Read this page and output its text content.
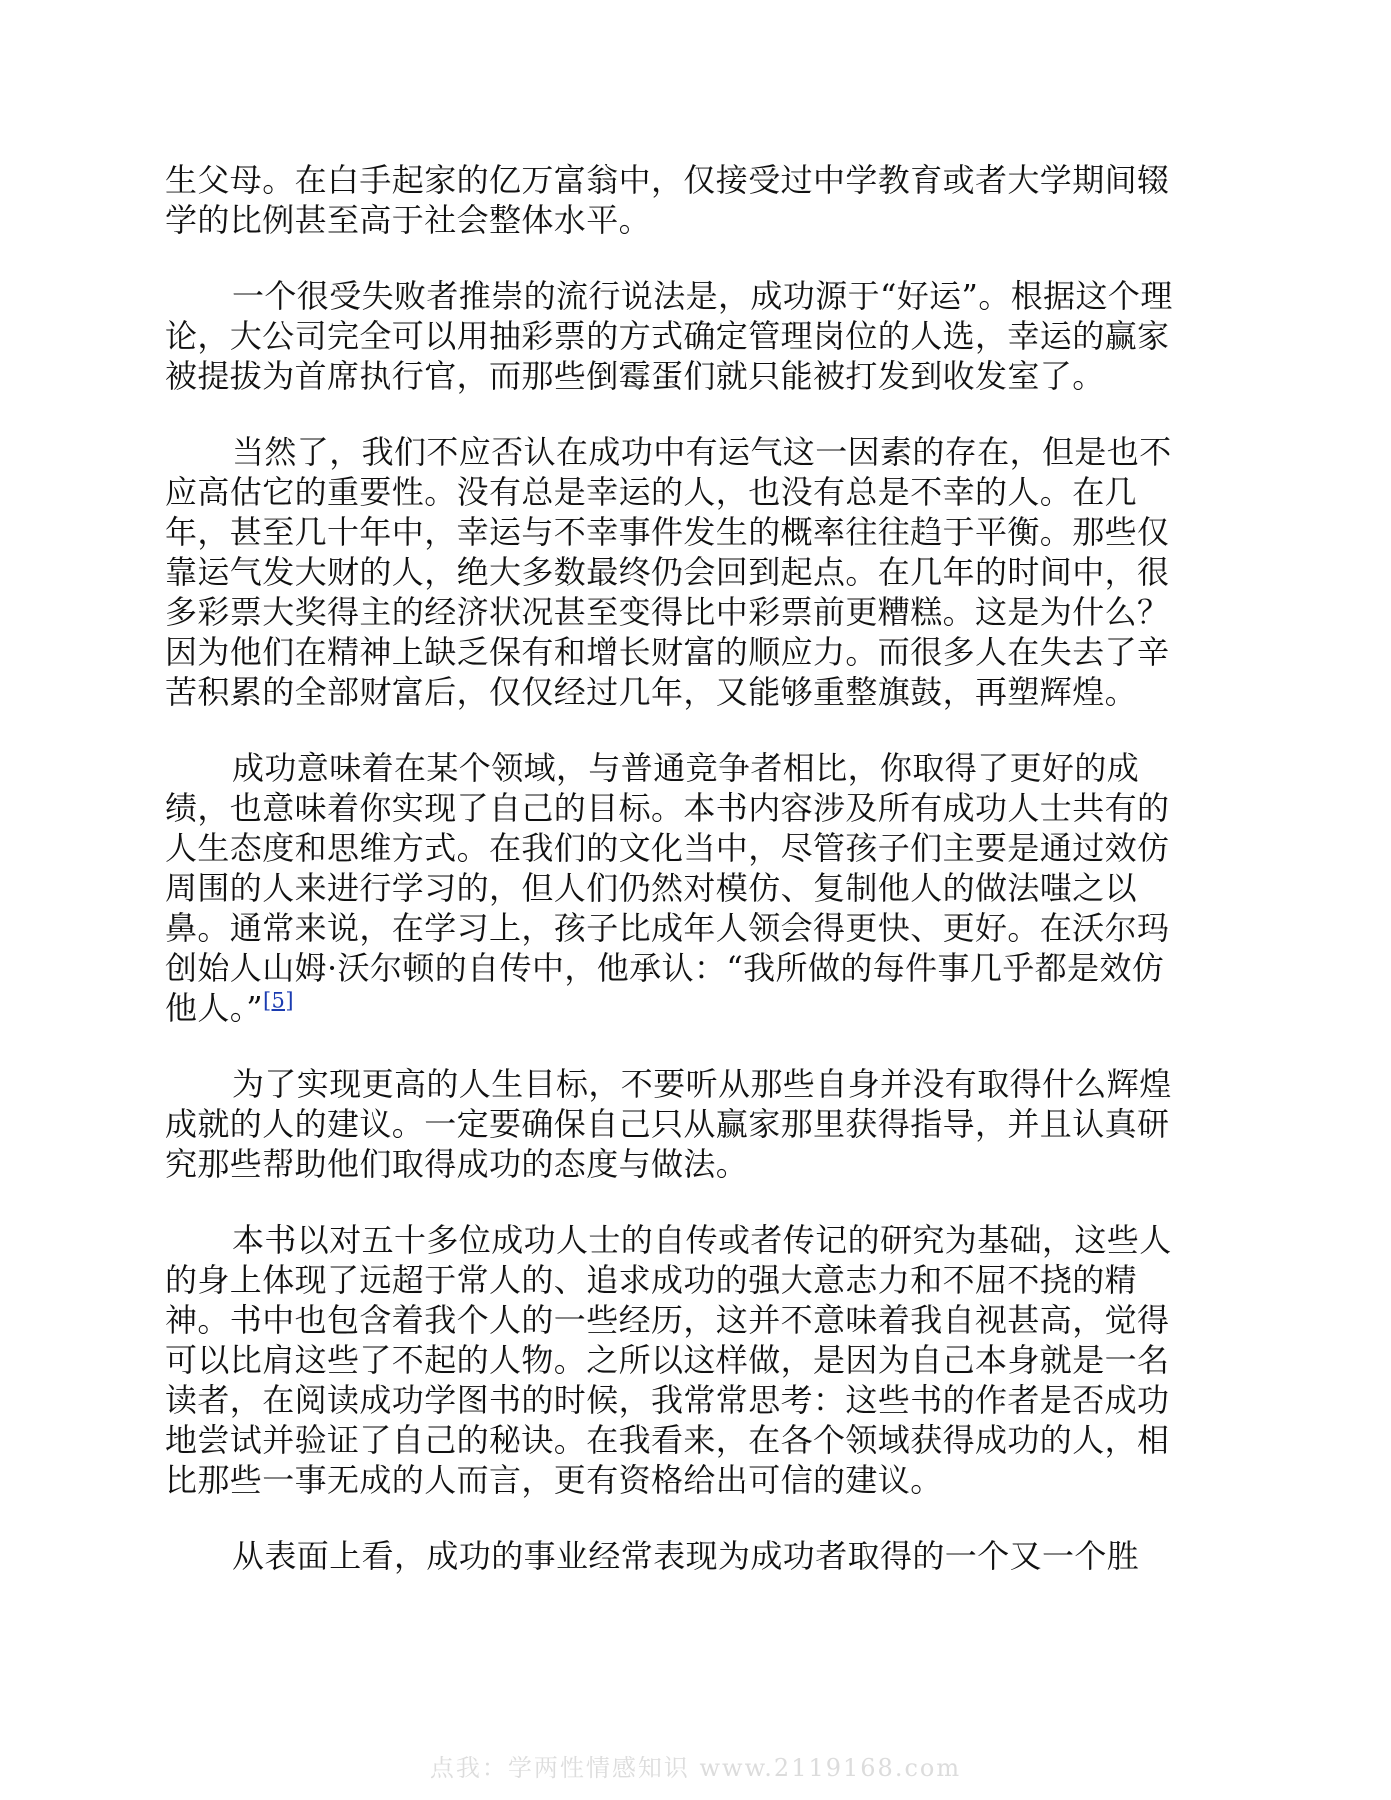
生父母。在白手起家的亿万富翁中，仅接受过中学教育或者大学期间辍
学的比例甚至高于社会整体水平。

一个很受失败者推崇的流行说法是，成功源于“好运”。根据这个理
论，大公司完全可以用抽彩票的方式确定管理岗位的人选，幸运的赢家
被提拔为首席执行官，而那些倒霉蛋们就只能被打发到收发室了。

当然了，我们不应否认在成功中有运气这一因素的存在，但是也不
应高估它的重要性。没有总是幸运的人，也没有总是不幸的人。在几
年，甚至几十年中，幸运与不幸事件发生的概率往往趋于平衡。那些仅
靠运气发大财的人，绝大多数最终仍会回到起点。在几年的时间中，很
多彩票大奖得主的经济状况甚至变得比中彩票前更糟糕。这是为什么？
因为他们在精神上缺乏保有和增长财富的顺应力。而很多人在失去了辛
苦积累的全部财富后，仅仅经过几年，又能够重整旗鼓，再塑辉煌。

成功意味着在某个领域，与普通竞争者相比，你取得了更好的成
绩，也意味着你实现了自己的目标。本书内容涉及所有成功人士共有的
人生态度和思维方式。在我们的文化当中，尽管孩子们主要是通过效仿
周围的人来进行学习的，但人们仍然对模仿、复制他人的做法嗤之以
鼻。通常来说，在学习上，孩子比成年人领会得更快、更好。在沃尔玛
创始人山姆·沃尔顿的自传中，他承认：“我所做的每件事几乎都是效仿
他人。”[5]

为了实现更高的人生目标，不要听从那些自身并没有取得什么辉煌
成就的人的建议。一定要确保自己只从赢家那里获得指导，并且认真研
究那些帮助他们取得成功的态度与做法。

本书以对五十多位成功人士的自传或者传记的研究为基础，这些人
的身上体现了远超于常人的、追求成功的强大意志力和不屈不挠的精
神。书中也包含着我个人的一些经历，这并不意味着我自视甚高，觉得
可以比肩这些了不起的人物。之所以这样做，是因为自己本身就是一名
读者，在阅读成功学图书的时候，我常常思考：这些书的作者是否成功
地尝试并验证了自己的秘诀。在我看来，在各个领域获得成功的人，相
比那些一事无成的人而言，更有资格给出可信的建议。

从表面上看，成功的事业经常表现为成功者取得的一个又一个胜

点我：学两性情感知识 www.2119168.com
